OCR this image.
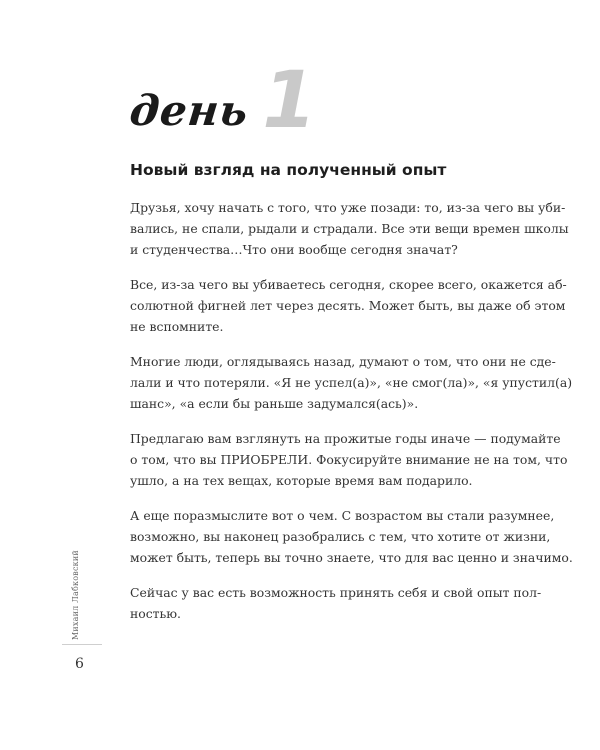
день 1
Новый взгляд на полученный опыт

Друзья, хочу начать с того, что уже позади: то, из-за чего вы уби-
вались, не спали, рыдали и страдали. Все эти вещи времен школы
и студенчества…Что они вообще сегодня значат?

Все, из-за чего вы убиваетесь сегодня, скорее всего, окажется аб-
солютной фигней лет через десять. Может быть, вы даже об этом
не вспомните.

Многие люди, оглядываясь назад, думают о том, что они не сде-
лали и что потеряли. «Я не успел(а)», «не смог(ла)», «я упустил(а)
шанс», «а если бы раньше задумался(ась)».

Предлагаю вам взглянуть на прожитые годы иначе — подумайте
о том, что вы ПРИОБРЕЛИ. Фокусируйте внимание не на том, что
ушло, а на тех вещах, которые время вам подарило.

А еще поразмыслите вот о чем. С возрастом вы стали разумнее,
возможно, вы наконец разобрались с тем, что хотите от жизни,
может быть, теперь вы точно знаете, что для вас ценно и значимо.

Сейчас у вас есть возможность принять себя и свой опыт пол-
ностью.

Михаил Лабковский
6
